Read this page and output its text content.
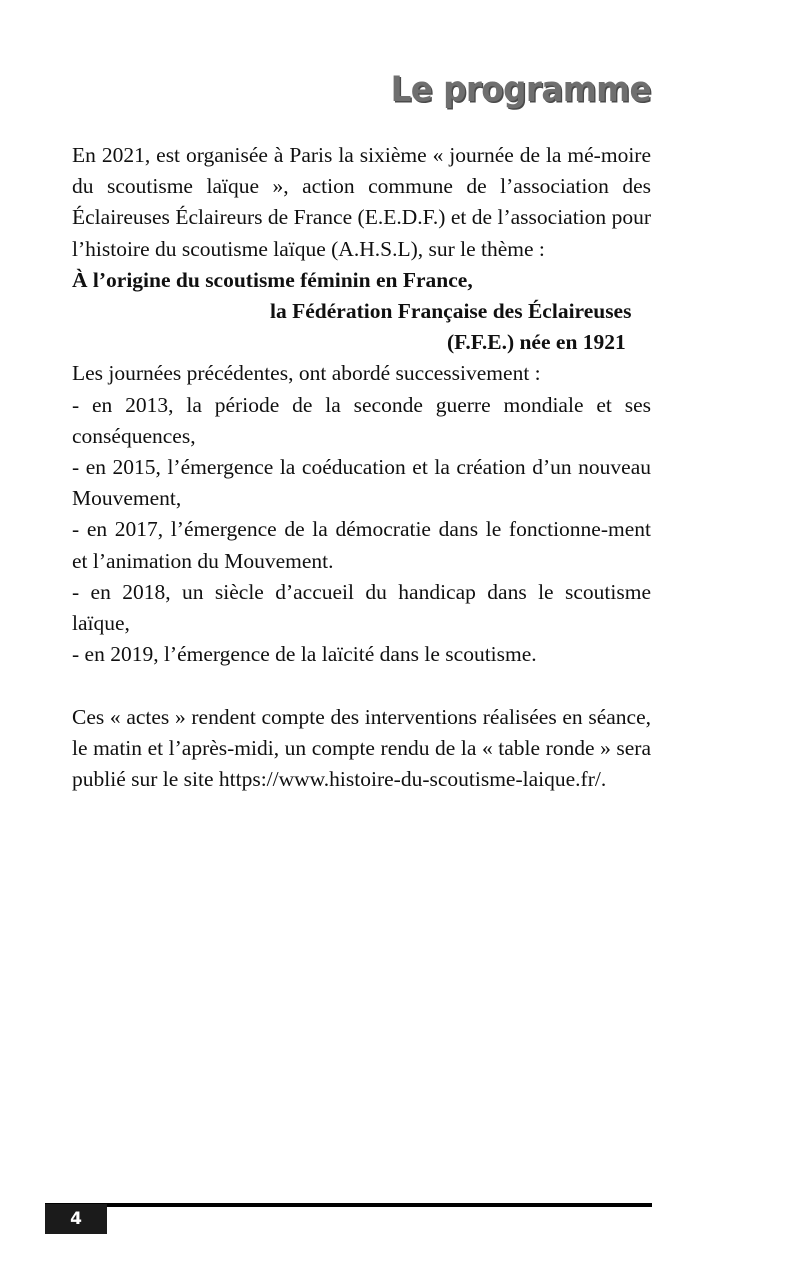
Le programme

En 2021, est organisée à Paris la sixième « journée de la mé-moire du scoutisme laïque », action commune de l’association des Éclaireuses Éclaireurs de France (E.E.D.F.) et de l’association pour l’histoire du scoutisme laïque (A.H.S.L), sur le thème :

À l’origine du scoutisme féminin en France,

la Fédération Française des Éclaireuses

(F.F.E.) née en 1921

Les journées précédentes, ont abordé successivement :

- en 2013, la période de la seconde guerre mondiale et ses conséquences,

- en 2015, l’émergence la coéducation et la création d’un nouveau Mouvement,

- en 2017, l’émergence de la démocratie dans le fonctionne-ment et l’animation du Mouvement.

- en 2018, un siècle d’accueil du handicap dans le scoutisme laïque,

- en 2019, l’émergence de la laïcité dans le scoutisme.

Ces « actes » rendent compte des interventions réalisées en séance, le matin et l’après-midi, un compte rendu de la « table ronde » sera publié sur le site https://www.histoire-du-scoutisme-laique.fr/.

4
